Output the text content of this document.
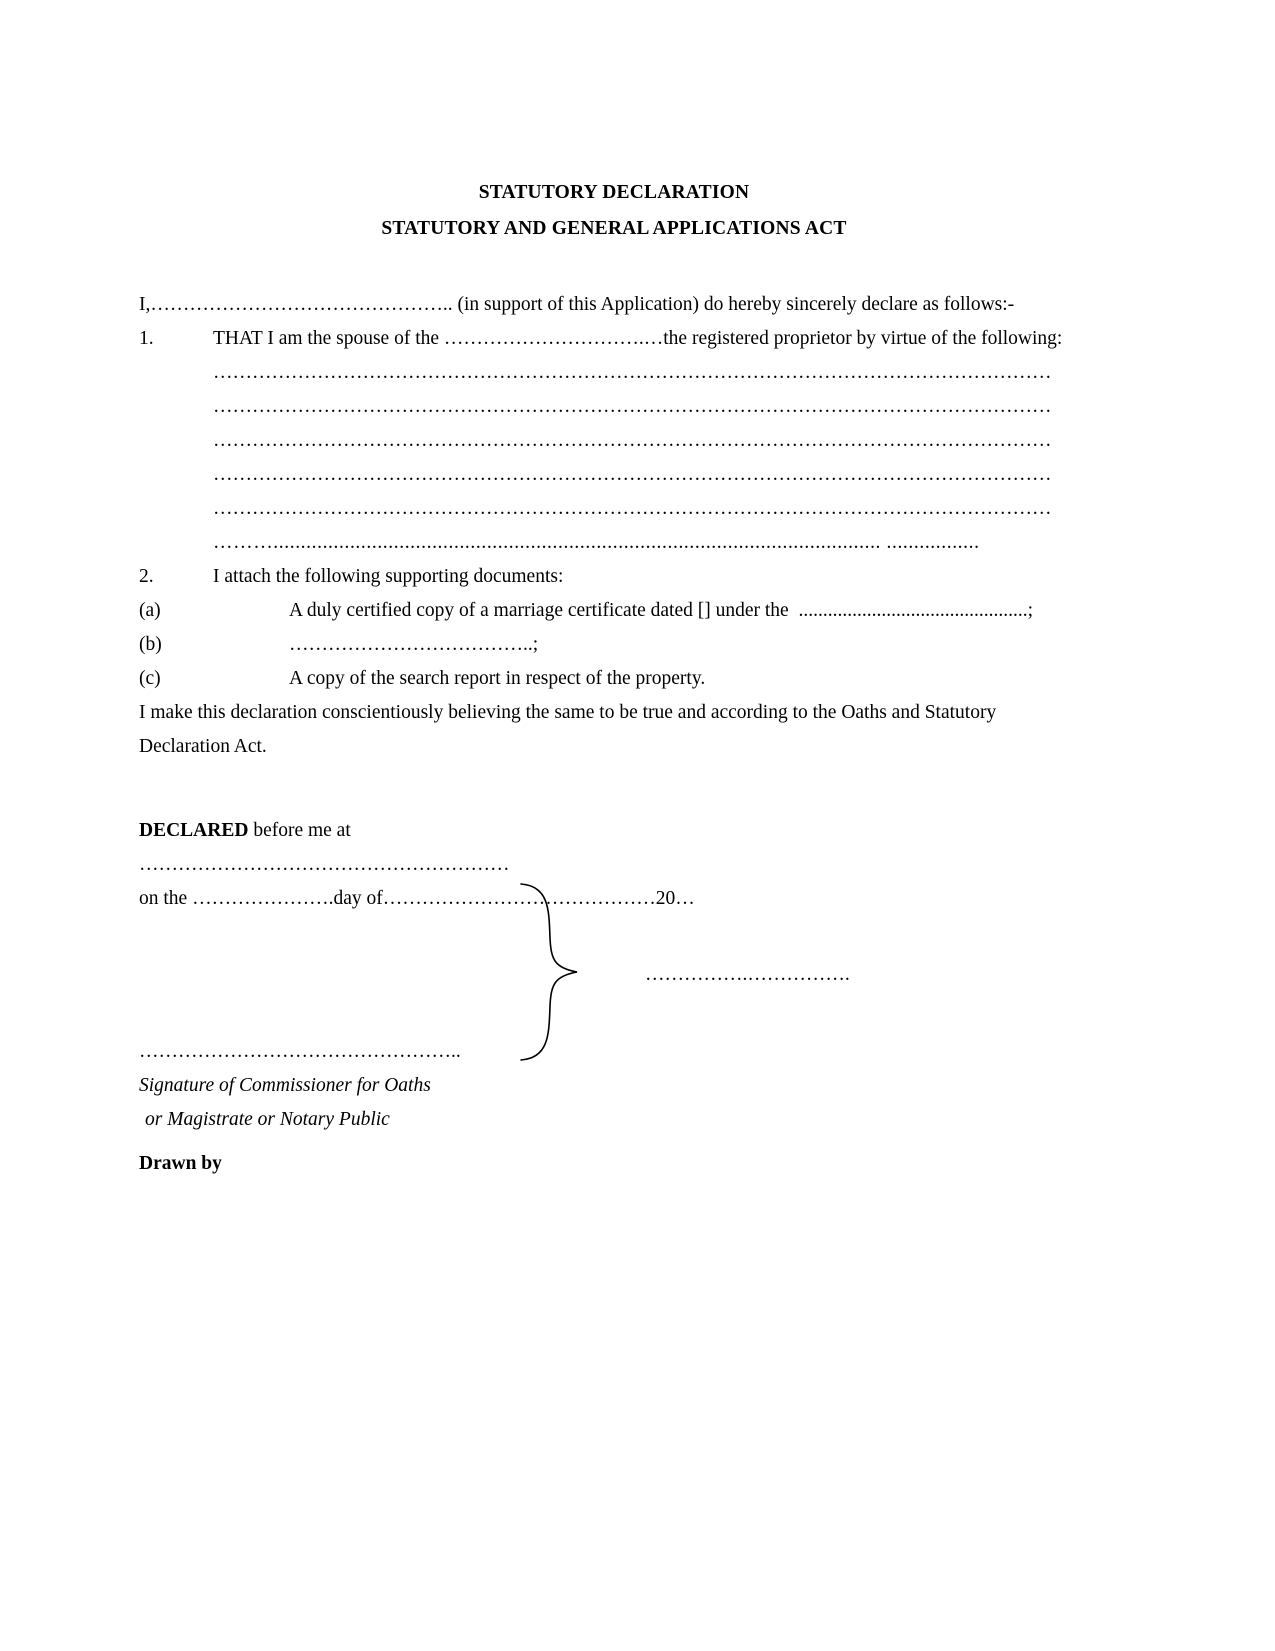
STATUTORY DECLARATION
STATUTORY AND GENERAL APPLICATIONS ACT

I,……………………………………….. (in support of this Application) do hereby sincerely declare as follows:-

1.	THAT I am the spouse of the ………………………….…the registered proprietor by virtue of the following:

…………………………………………………………………………………………………………………

…………………………………………………………………………………………………………………

…………………………………………………………………………………………………………………

…………………………………………………………………………………………………………………

…………………………………………………………………………………………………………………

………............................................................................................................... .................

2.	I attach the following supporting documents:
(a)	A duly certified copy of a marriage certificate dated [] under the  ...............................................;
(b)	………………………………..;
(c)	A copy of the search report in respect of the property.

I make this declaration conscientiously believing the same to be true and according to the Oaths and Statutory Declaration Act.

DECLARED before me at

…………………………………………………

on the ………………….day of……………………………………20…

…………………………………………..

Signature of Commissioner for Oaths

or Magistrate or Notary Public

Drawn by

…………….…………….
